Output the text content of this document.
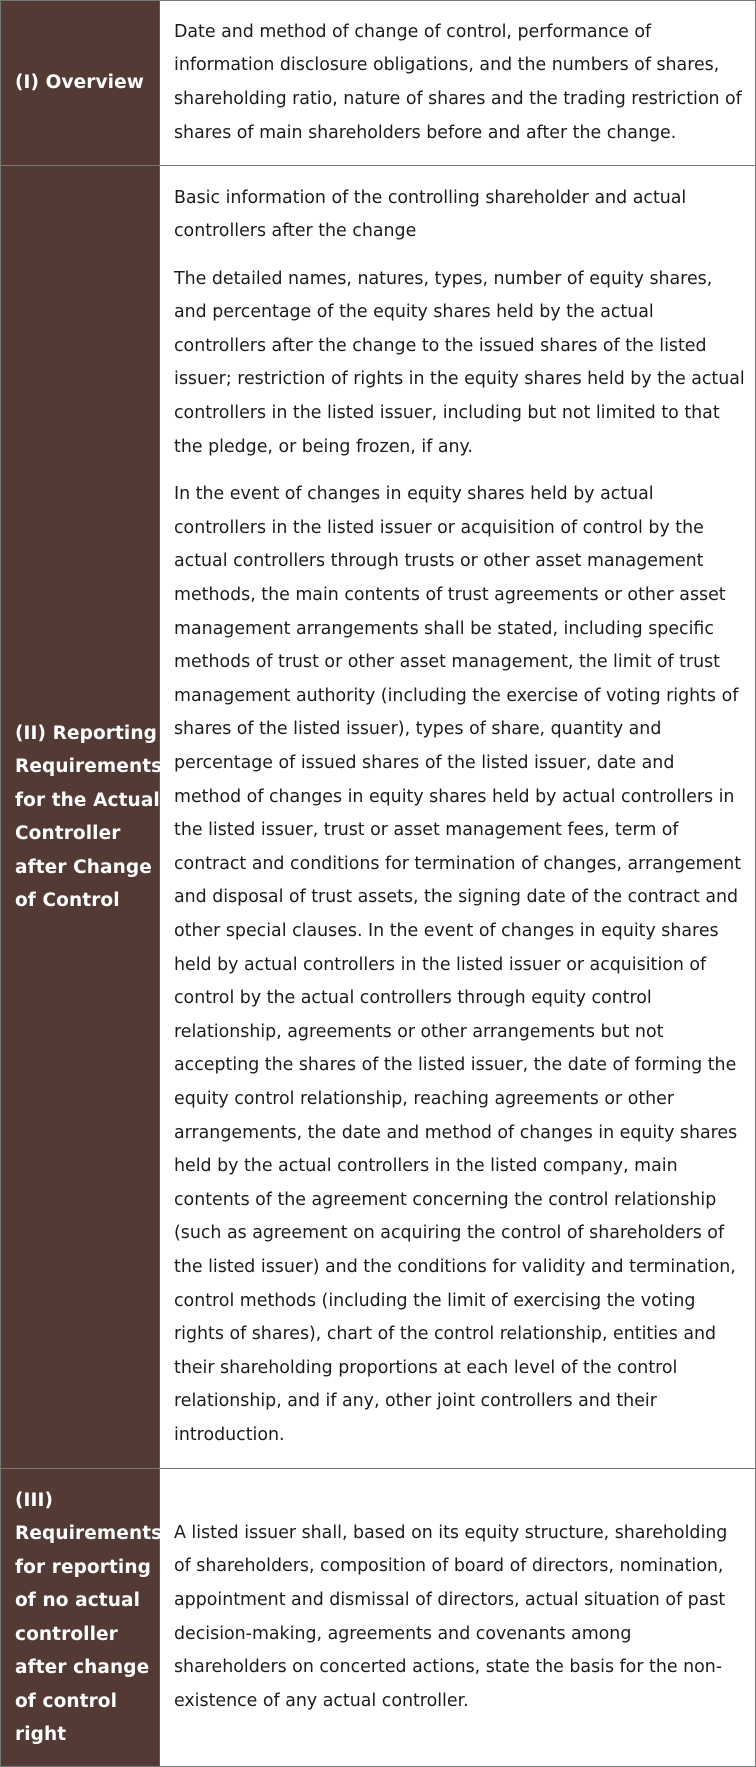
(I) Overview

Date and method of change of control, performance of information disclosure obligations, and the numbers of shares, shareholding ratio, nature of shares and the trading restriction of shares of main shareholders before and after the change.

(II) Reporting Requirements for the Actual Controller after Change of Control

Basic information of the controlling shareholder and actual controllers after the change

The detailed names, natures, types, number of equity shares, and percentage of the equity shares held by the actual controllers after the change to the issued shares of the listed issuer; restriction of rights in the equity shares held by the actual controllers in the listed issuer, including but not limited to that the pledge, or being frozen, if any.

In the event of changes in equity shares held by actual controllers in the listed issuer or acquisition of control by the actual controllers through trusts or other asset management methods, the main contents of trust agreements or other asset management arrangements shall be stated, including specific methods of trust or other asset management, the limit of trust management authority (including the exercise of voting rights of shares of the listed issuer), types of share, quantity and percentage of issued shares of the listed issuer, date and method of changes in equity shares held by actual controllers in the listed issuer, trust or asset management fees, term of contract and conditions for termination of changes, arrangement and disposal of trust assets, the signing date of the contract and other special clauses. In the event of changes in equity shares held by actual controllers in the listed issuer or acquisition of control by the actual controllers through equity control relationship, agreements or other arrangements but not accepting the shares of the listed issuer, the date of forming the equity control relationship, reaching agreements or other arrangements, the date and method of changes in equity shares held by the actual controllers in the listed company, main contents of the agreement concerning the control relationship (such as agreement on acquiring the control of shareholders of the listed issuer) and the conditions for validity and termination, control methods (including the limit of exercising the voting rights of shares), chart of the control relationship, entities and their shareholding proportions at each level of the control relationship, and if any, other joint controllers and their introduction.

(III) Requirements for reporting of no actual controller after change of control right

A listed issuer shall, based on its equity structure, shareholding of shareholders, composition of board of directors, nomination, appointment and dismissal of directors, actual situation of past decision-making, agreements and covenants among shareholders on concerted actions, state the basis for the non-existence of any actual controller.
